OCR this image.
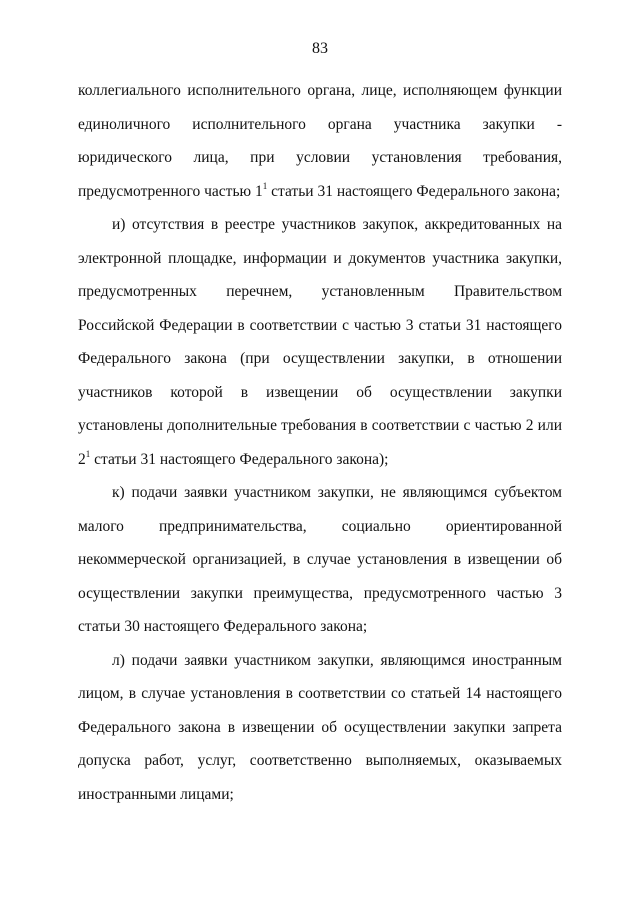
83

коллегиального исполнительного органа, лице, исполняющем функции единоличного исполнительного органа участника закупки - юридического лица, при условии установления требования, предусмотренного частью $1^1$ статьи 31 настоящего Федерального закона;

и) отсутствия в реестре участников закупок, аккредитованных на электронной площадке, информации и документов участника закупки, предусмотренных перечнем, установленным Правительством Российской Федерации в соответствии с частью 3 статьи 31 настоящего Федерального закона (при осуществлении закупки, в отношении участников которой в извещении об осуществлении закупки установлены дополнительные требования в соответствии с частью 2 или $2^1$ статьи 31 настоящего Федерального закона);

к) подачи заявки участником закупки, не являющимся субъектом малого предпринимательства, социально ориентированной некоммерческой организацией, в случае установления в извещении об осуществлении закупки преимущества, предусмотренного частью 3 статьи 30 настоящего Федерального закона;

л) подачи заявки участником закупки, являющимся иностранным лицом, в случае установления в соответствии со статьей 14 настоящего Федерального закона в извещении об осуществлении закупки запрета допуска работ, услуг, соответственно выполняемых, оказываемых иностранными лицами;
